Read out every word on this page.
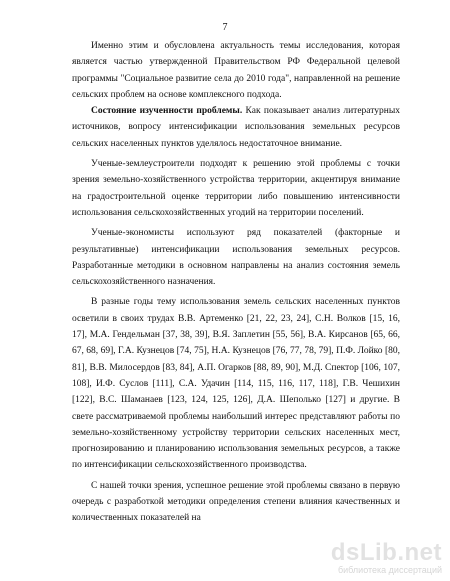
7

Именно этим и обусловлена актуальность темы исследования, которая является частью утвержденной Правительством РФ Федеральной целевой программы "Социальное развитие села до 2010 года", направленной на решение сельских проблем на основе комплексного подхода.

Состояние изученности проблемы. Как показывает анализ литературных источников, вопросу интенсификации использования земельных ресурсов сельских населенных пунктов уделялось недостаточное внимание.

Ученые-землеустроители подходят к решению этой проблемы с точки зрения земельно-хозяйственного устройства территории, акцентируя внимание на градостроительной оценке территории либо повышению интенсивности использования сельскохозяйственных угодий на территории поселений.

Ученые-экономисты используют ряд показателей (факторные и результативные) интенсификации использования земельных ресурсов. Разработанные методики в основном направлены на анализ состояния земель сельскохозяйственного назначения.

В разные годы тему использования земель сельских населенных пунктов осветили в своих трудах В.В. Артеменко [21, 22, 23, 24], С.Н. Волков [15, 16, 17], М.А. Гендельман [37, 38, 39], В.Я. Заплетин [55, 56], В.А. Кирсанов [65, 66, 67, 68, 69], Г.А. Кузнецов [74, 75], Н.А. Кузнецов [76, 77, 78, 79], П.Ф. Лойко [80, 81], В.В. Милосердов [83, 84], А.П. Огарков [88, 89, 90], М.Д. Спектор [106, 107, 108], И.Ф. Суслов [111], С.А. Удачин [114, 115, 116, 117, 118], Г.В. Чешихин [122], В.С. Шаманаев [123, 124, 125, 126], Д.А. Шеполько [127] и другие. В свете рассматриваемой проблемы наибольший интерес представляют работы по земельно-хозяйственному устройству территории сельских населенных мест, прогнозированию и планированию использования земельных ресурсов, а также по интенсификации сельскохозяйственного производства.

С нашей точки зрения, успешное решение этой проблемы связано в первую очередь с разработкой методики определения степени влияния качественных и количественных показателей на

dsLib.net
библиотека диссертаций
